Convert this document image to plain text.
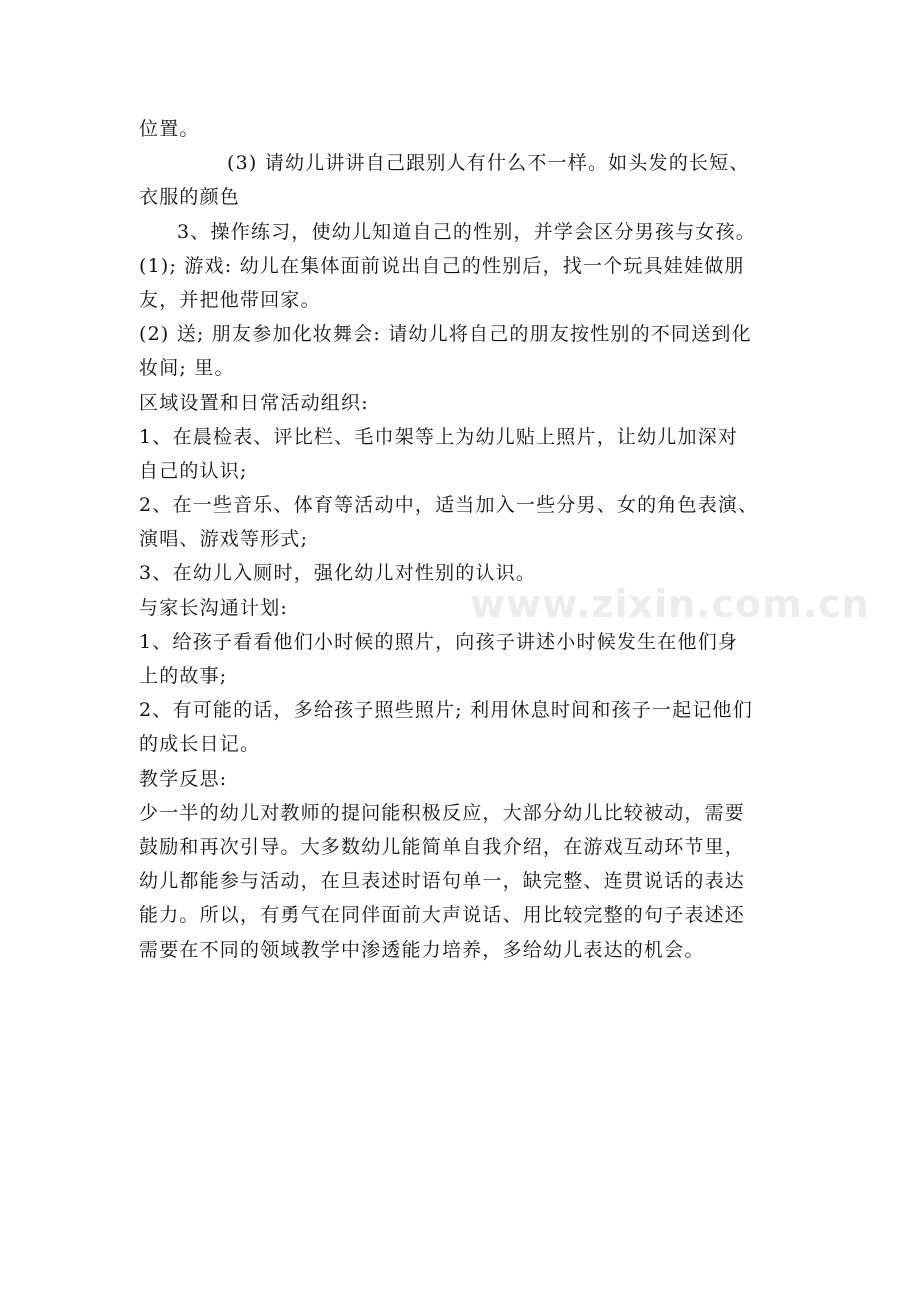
www.zixin.com.cn
位置。
(3) 请幼儿讲讲自己跟别人有什么不一样。如头发的长短、
衣服的颜色
3、操作练习，使幼儿知道自己的性别，并学会区分男孩与女孩。
(1); 游戏: 幼儿在集体面前说出自己的性别后，找一个玩具娃娃做朋
友，并把他带回家。
(2) 送; 朋友参加化妆舞会: 请幼儿将自己的朋友按性别的不同送到化
妆间; 里。
区域设置和日常活动组织:
1、在晨检表、评比栏、毛巾架等上为幼儿贴上照片，让幼儿加深对
自己的认识;
2、在一些音乐、体育等活动中，适当加入一些分男、女的角色表演、
演唱、游戏等形式;
3、在幼儿入厕时，强化幼儿对性别的认识。
与家长沟通计划:
1、给孩子看看他们小时候的照片，向孩子讲述小时候发生在他们身
上的故事;
2、有可能的话，多给孩子照些照片; 利用休息时间和孩子一起记他们
的成长日记。
教学反思:
少一半的幼儿对教师的提问能积极反应，大部分幼儿比较被动，需要
鼓励和再次引导。大多数幼儿能简单自我介绍，在游戏互动环节里，
幼儿都能参与活动，在旦表述时语句单一，缺完整、连贯说话的表达
能力。所以，有勇气在同伴面前大声说话、用比较完整的句子表述还
需要在不同的领域教学中渗透能力培养，多给幼儿表达的机会。
